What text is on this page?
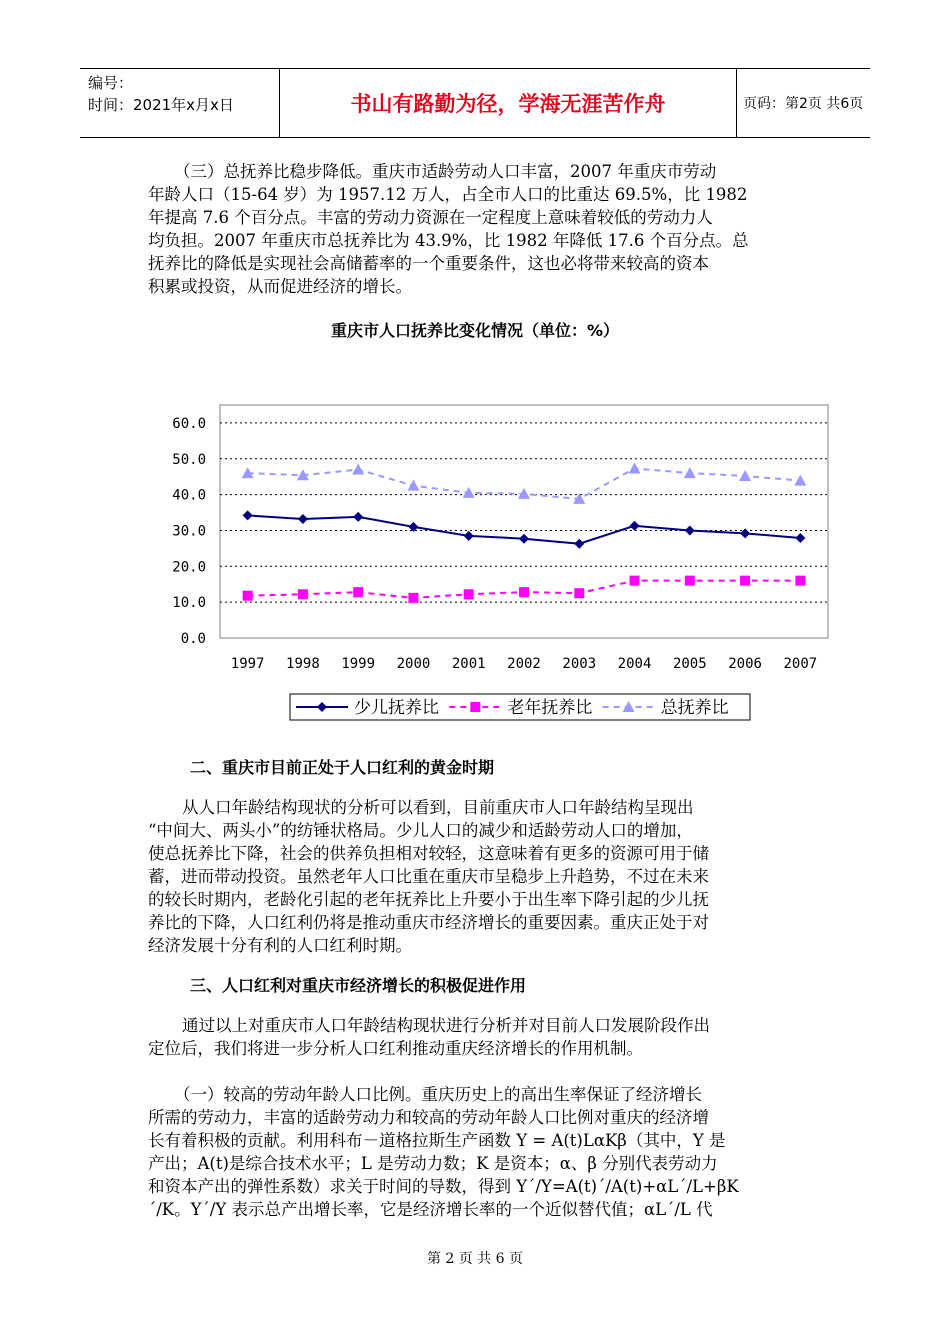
编号：
时间：2021年x月x日	书山有路勤为径，学海无涯苦作舟	页码：第2页 共6页
（三）总抚养比稳步降低。重庆市适龄劳动人口丰富，2007 年重庆市劳动
年龄人口（15-64 岁）为 1957.12 万人，占全市人口的比重达 69.5%，比 1982
年提高 7.6 个百分点。丰富的劳动力资源在一定程度上意味着较低的劳动力人
均负担。2007 年重庆市总抚养比为 43.9%，比 1982 年降低 17.6 个百分点。总
抚养比的降低是实现社会高储蓄率的一个重要条件，这也必将带来较高的资本
积累或投资，从而促进经济的增长。
重庆市人口抚养比变化情况（单位：%）
0.0
10.0
20.0
30.0
40.0
50.0
60.0
1997 1998 1999 2000 2001 2002 2003 2004 2005 2006 2007
少儿抚养比	老年抚养比	总抚养比
二、重庆市目前正处于人口红利的黄金时期
从人口年龄结构现状的分析可以看到，目前重庆市人口年龄结构呈现出
“中间大、两头小”的纺锤状格局。少儿人口的减少和适龄劳动人口的增加，
使总抚养比下降，社会的供养负担相对较轻，这意味着有更多的资源可用于储
蓄，进而带动投资。虽然老年人口比重在重庆市呈稳步上升趋势，不过在未来
的较长时期内，老龄化引起的老年抚养比上升要小于出生率下降引起的少儿抚
养比的下降，人口红利仍将是推动重庆市经济增长的重要因素。重庆正处于对
经济发展十分有利的人口红利时期。
三、人口红利对重庆市经济增长的积极促进作用
通过以上对重庆市人口年龄结构现状进行分析并对目前人口发展阶段作出
定位后，我们将进一步分析人口红利推动重庆经济增长的作用机制。
（一）较高的劳动年龄人口比例。重庆历史上的高出生率保证了经济增长
所需的劳动力，丰富的适龄劳动力和较高的劳动年龄人口比例对重庆的经济增
长有着积极的贡献。利用科布－道格拉斯生产函数 Y = A(t)LαKβ（其中，Y 是
产出；A(t)是综合技术水平；L 是劳动力数；K 是资本；α、β 分别代表劳动力
和资本产出的弹性系数）求关于时间的导数，得到 Y´/Y=A(t)´/A(t)+αL´/L+βK
´/K。Y´/Y 表示总产出增长率，它是经济增长率的一个近似替代值；αL´/L 代
第 2 页 共 6 页
